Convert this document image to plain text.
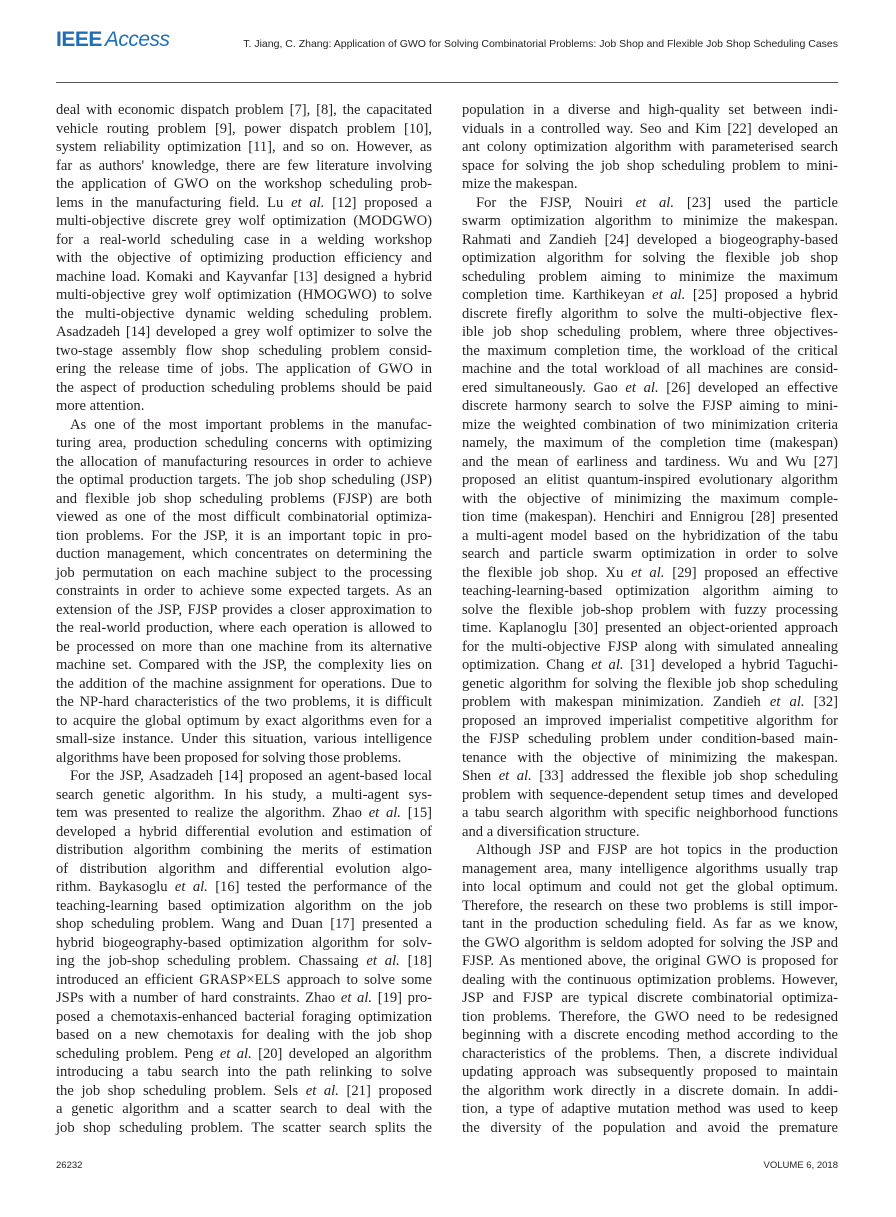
IEEE Access	T. Jiang, C. Zhang: Application of GWO for Solving Combinatorial Problems: Job Shop and Flexible Job Shop Scheduling Cases
deal with economic dispatch problem [7], [8], the capacitated
vehicle routing problem [9], power dispatch problem [10],
system reliability optimization [11], and so on. However, as
far as authors' knowledge, there are few literature involving
the application of GWO on the workshop scheduling prob-
lems in the manufacturing field. Lu et al. [12] proposed a
multi-objective discrete grey wolf optimization (MODGWO)
for a real-world scheduling case in a welding workshop
with the objective of optimizing production efficiency and
machine load. Komaki and Kayvanfar [13] designed a hybrid
multi-objective grey wolf optimization (HMOGWO) to solve
the multi-objective dynamic welding scheduling problem.
Asadzadeh [14] developed a grey wolf optimizer to solve the
two-stage assembly flow shop scheduling problem consid-
ering the release time of jobs. The application of GWO in
the aspect of production scheduling problems should be paid
more attention.
As one of the most important problems in the manufac-
turing area, production scheduling concerns with optimizing
the allocation of manufacturing resources in order to achieve
the optimal production targets. The job shop scheduling (JSP)
and flexible job shop scheduling problems (FJSP) are both
viewed as one of the most difficult combinatorial optimiza-
tion problems. For the JSP, it is an important topic in pro-
duction management, which concentrates on determining the
job permutation on each machine subject to the processing
constraints in order to achieve some expected targets. As an
extension of the JSP, FJSP provides a closer approximation to
the real-world production, where each operation is allowed to
be processed on more than one machine from its alternative
machine set. Compared with the JSP, the complexity lies on
the addition of the machine assignment for operations. Due to
the NP-hard characteristics of the two problems, it is difficult
to acquire the global optimum by exact algorithms even for a
small-size instance. Under this situation, various intelligence
algorithms have been proposed for solving those problems.
For the JSP, Asadzadeh [14] proposed an agent-based local
search genetic algorithm. In his study, a multi-agent sys-
tem was presented to realize the algorithm. Zhao et al. [15]
developed a hybrid differential evolution and estimation of
distribution algorithm combining the merits of estimation
of distribution algorithm and differential evolution algo-
rithm. Baykasoglu et al. [16] tested the performance of the
teaching-learning based optimization algorithm on the job
shop scheduling problem. Wang and Duan [17] presented a
hybrid biogeography-based optimization algorithm for solv-
ing the job-shop scheduling problem. Chassaing et al. [18]
introduced an efficient GRASP×ELS approach to solve some
JSPs with a number of hard constraints. Zhao et al. [19] pro-
posed a chemotaxis-enhanced bacterial foraging optimization
based on a new chemotaxis for dealing with the job shop
scheduling problem. Peng et al. [20] developed an algorithm
introducing a tabu search into the path relinking to solve
the job shop scheduling problem. Sels et al. [21] proposed
a genetic algorithm and a scatter search to deal with the
job shop scheduling problem. The scatter search splits the
population in a diverse and high-quality set between indi-
viduals in a controlled way. Seo and Kim [22] developed an
ant colony optimization algorithm with parameterised search
space for solving the job shop scheduling problem to mini-
mize the makespan.
For the FJSP, Nouiri et al. [23] used the particle
swarm optimization algorithm to minimize the makespan.
Rahmati and Zandieh [24] developed a biogeography-based
optimization algorithm for solving the flexible job shop
scheduling problem aiming to minimize the maximum
completion time. Karthikeyan et al. [25] proposed a hybrid
discrete firefly algorithm to solve the multi-objective flex-
ible job shop scheduling problem, where three objectives-
the maximum completion time, the workload of the critical
machine and the total workload of all machines are consid-
ered simultaneously. Gao et al. [26] developed an effective
discrete harmony search to solve the FJSP aiming to mini-
mize the weighted combination of two minimization criteria
namely, the maximum of the completion time (makespan)
and the mean of earliness and tardiness. Wu and Wu [27]
proposed an elitist quantum-inspired evolutionary algorithm
with the objective of minimizing the maximum comple-
tion time (makespan). Henchiri and Ennigrou [28] presented
a multi-agent model based on the hybridization of the tabu
search and particle swarm optimization in order to solve
the flexible job shop. Xu et al. [29] proposed an effective
teaching-learning-based optimization algorithm aiming to
solve the flexible job-shop problem with fuzzy processing
time. Kaplanoglu [30] presented an object-oriented approach
for the multi-objective FJSP along with simulated annealing
optimization. Chang et al. [31] developed a hybrid Taguchi-
genetic algorithm for solving the flexible job shop scheduling
problem with makespan minimization. Zandieh et al. [32]
proposed an improved imperialist competitive algorithm for
the FJSP scheduling problem under condition-based main-
tenance with the objective of minimizing the makespan.
Shen et al. [33] addressed the flexible job shop scheduling
problem with sequence-dependent setup times and developed
a tabu search algorithm with specific neighborhood functions
and a diversification structure.
Although JSP and FJSP are hot topics in the production
management area, many intelligence algorithms usually trap
into local optimum and could not get the global optimum.
Therefore, the research on these two problems is still impor-
tant in the production scheduling field. As far as we know,
the GWO algorithm is seldom adopted for solving the JSP and
FJSP. As mentioned above, the original GWO is proposed for
dealing with the continuous optimization problems. However,
JSP and FJSP are typical discrete combinatorial optimiza-
tion problems. Therefore, the GWO need to be redesigned
beginning with a discrete encoding method according to the
characteristics of the problems. Then, a discrete individual
updating approach was subsequently proposed to maintain
the algorithm work directly in a discrete domain. In addi-
tion, a type of adaptive mutation method was used to keep
the diversity of the population and avoid the premature
26232	VOLUME 6, 2018
